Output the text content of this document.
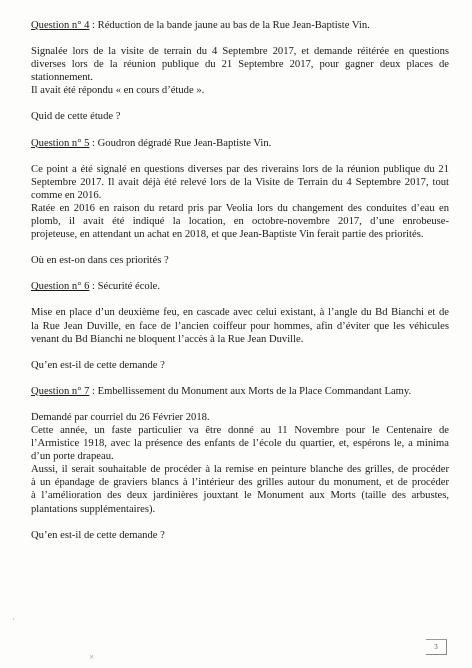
Question n° 4 : Réduction de la bande jaune au bas de la Rue Jean-Baptiste Vin.
Signalée lors de la visite de terrain du 4 Septembre 2017, et demande réitérée en questions
diverses lors de la réunion publique du 21 Septembre 2017, pour gagner deux places de
stationnement.
Il avait été répondu « en cours d’étude ».
Quid de cette étude ?
Question n° 5 : Goudron dégradé Rue Jean-Baptiste Vin.
Ce point a été signalé en questions diverses par des riverains lors de la réunion publique du 21
Septembre 2017. Il avait déjà été relevé lors de la Visite de Terrain du 4 Septembre 2017, tout
comme en 2016.
Ratée en 2016 en raison du retard pris par Veolia lors du changement des conduites d’eau en
plomb, il avait été indiqué la location, en octobre-novembre 2017, d’une enrobeuse-
projeteuse, en attendant un achat en 2018, et que Jean-Baptiste Vin ferait partie des priorités.
Où en est-on dans ces priorités ?
Question n° 6 : Sécurité école.
Mise en place d’un deuxième feu, en cascade avec celui existant, à l’angle du Bd Bianchi et de
la Rue Jean Duville, en face de l’ancien coiffeur pour hommes, afin d’éviter que les véhicules
venant du Bd Bianchi ne bloquent l’accès à la Rue Jean Duville.
Qu’en est-il de cette demande ?
Question n° 7 : Embellissement du Monument aux Morts de la Place Commandant Lamy.
Demandé par courriel du 26 Février 2018.
Cette année, un faste particulier va être donné au 11 Novembre pour le Centenaire de
l’Armistice 1918, avec la présence des enfants de l’école du quartier, et, espérons le, a minima
d’un porte drapeau.
Aussi, il serait souhaitable de procéder à la remise en peinture blanche des grilles, de procéder
à un épandage de graviers blancs à l’intérieur des grilles autour du monument, et de procéder
à l’amélioration des deux jardinières jouxtant le Monument aux Morts (taille des arbustes,
plantations supplémentaires).
Qu’en est-il de cette demande ?
·
×
3
